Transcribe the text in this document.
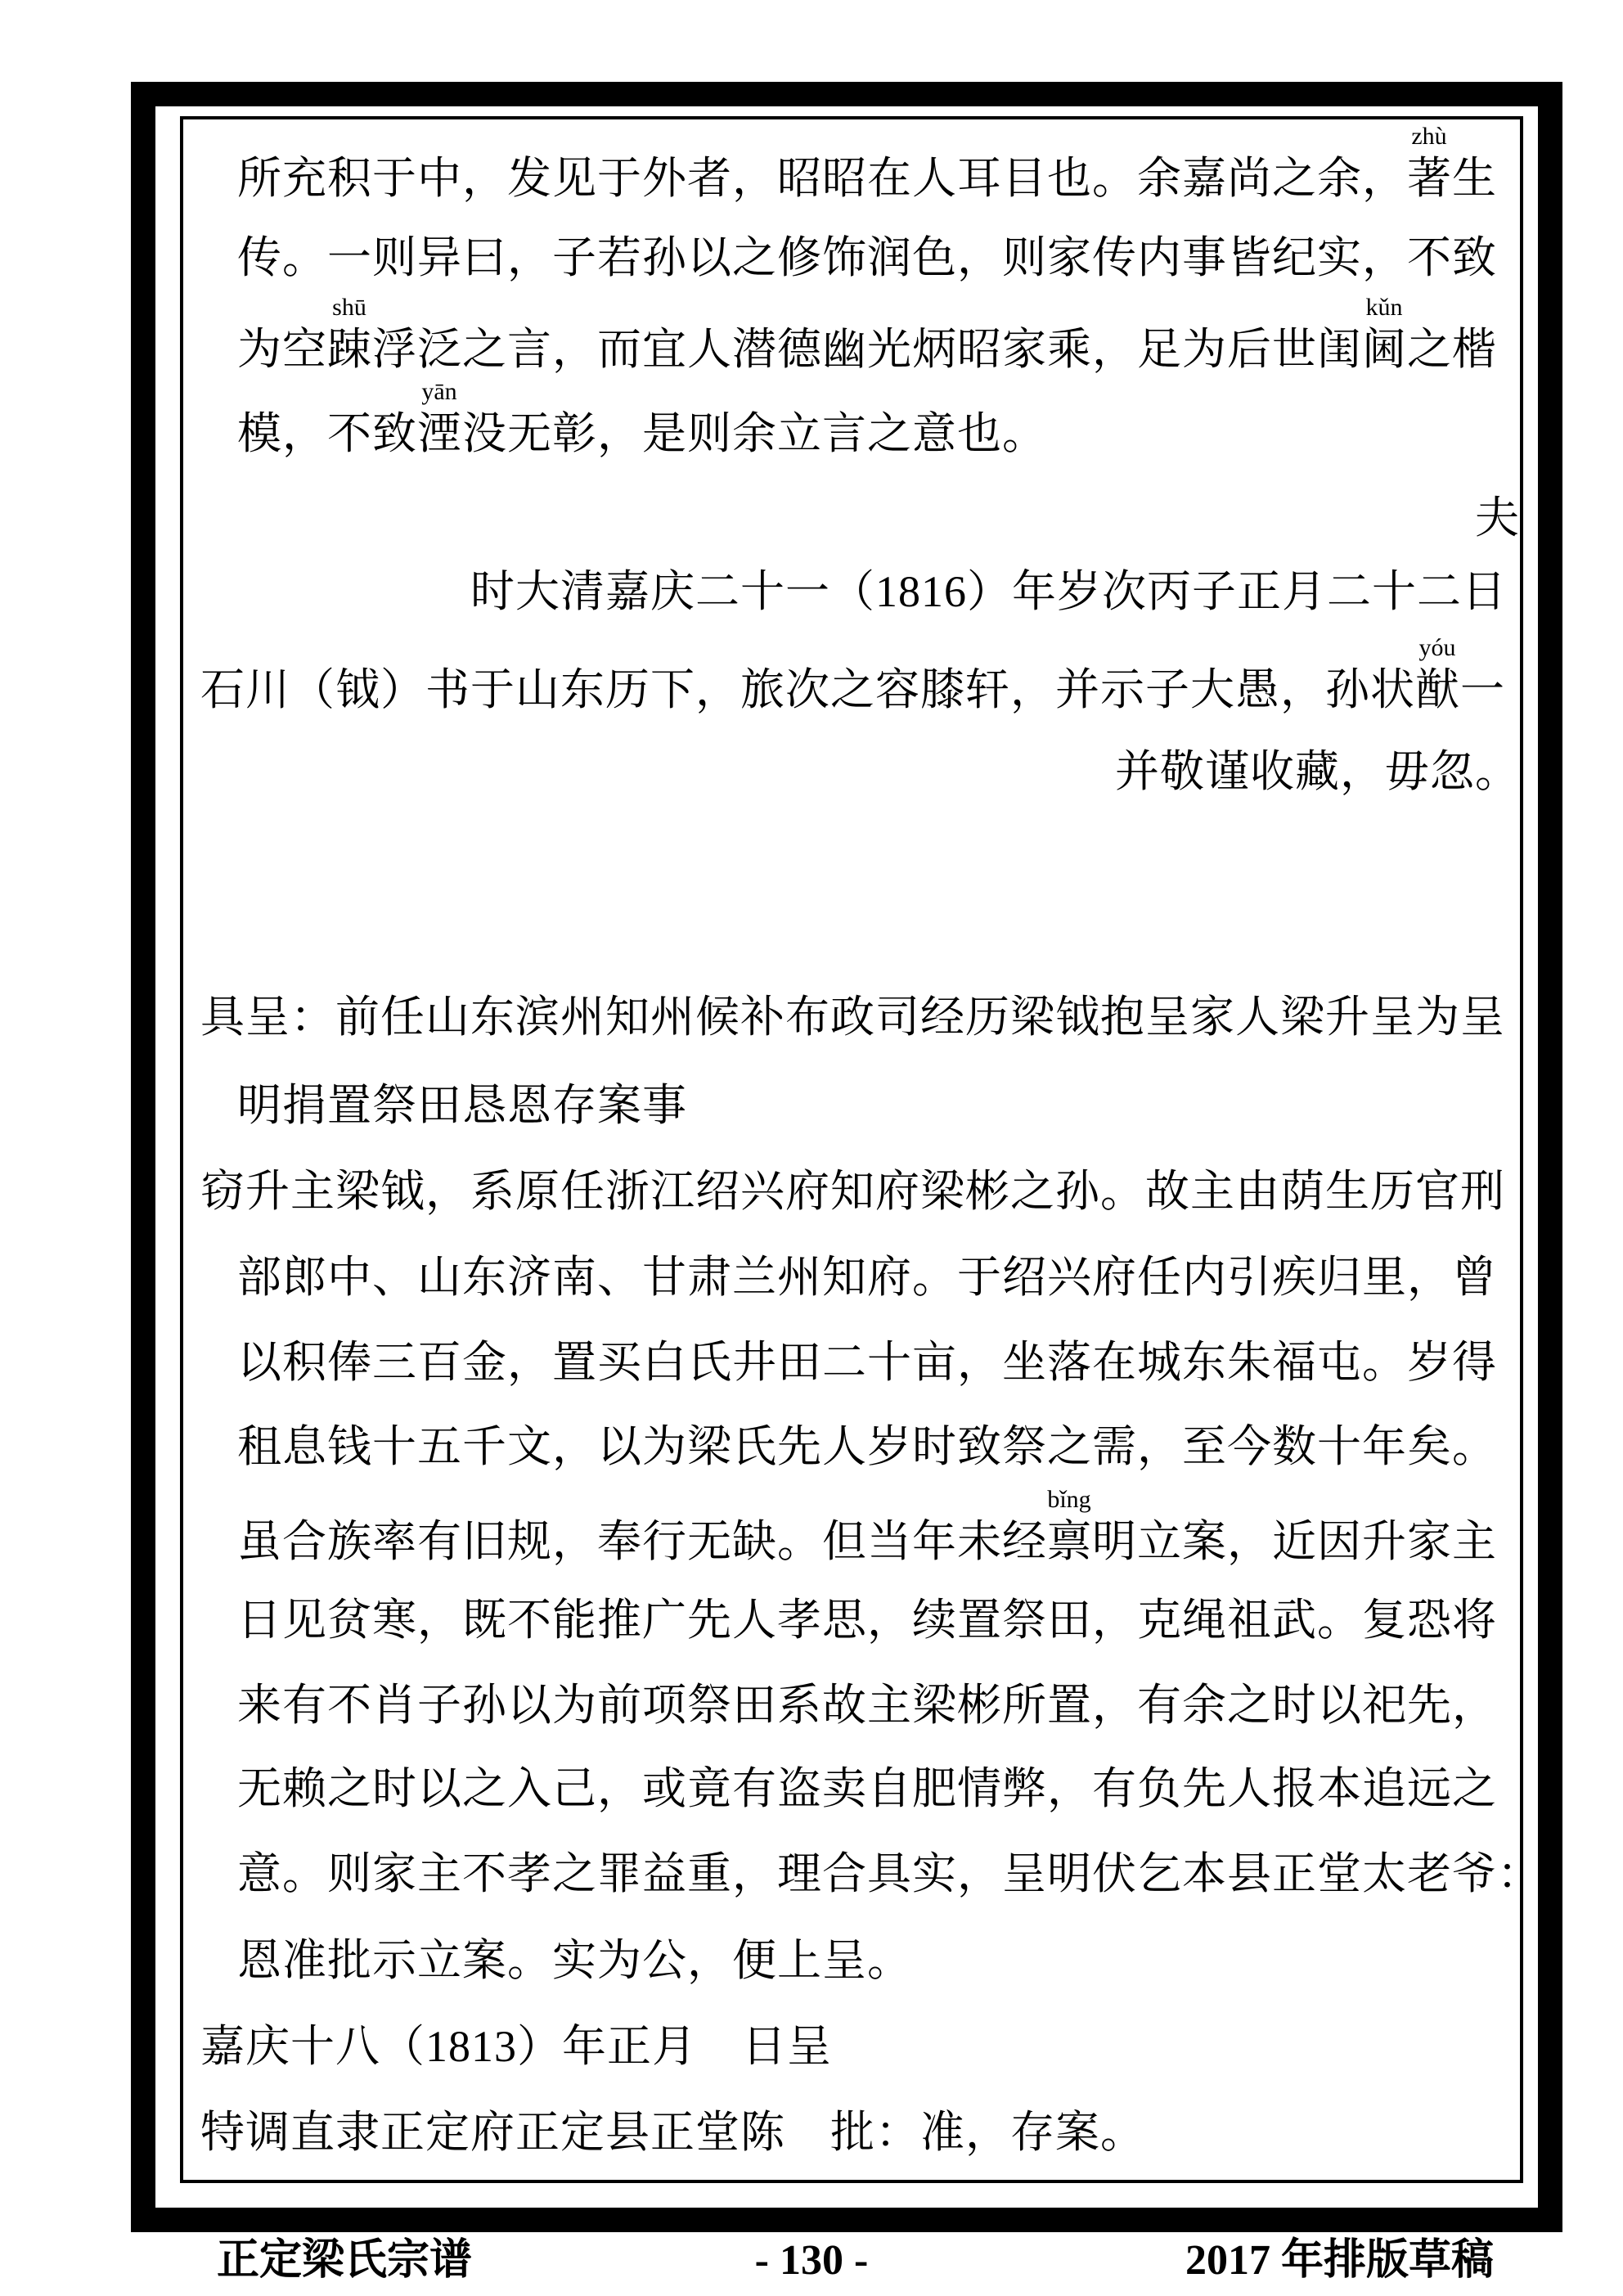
zhù
shū	kǔn
yān
yóu
bǐng
所充积于中，发见于外者，昭昭在人耳目也。余嘉尚之余，著生
传。一则异曰，子若孙以之修饰润色，则家传内事皆纪实，不致
为空踈浮泛之言，而宜人潜德幽光炳昭家乘，足为后世闺阃之楷
模，不致湮没无彰，是则余立言之意也。
夫
时大清嘉庆二十一（1816）年岁次丙子正月二十二日
石川（钺）书于山东历下，旅次之容膝轩，并示子大愚，孙状猷一
并敬谨收藏，毋忽。
具呈：前任山东滨州知州候补布政司经历梁钺抱呈家人梁升呈为呈
明捐置祭田恳恩存案事
窃升主梁钺，系原任浙江绍兴府知府梁彬之孙。故主由荫生历官刑
部郎中、山东济南、甘肃兰州知府。于绍兴府任内引疾归里，曾
以积俸三百金，置买白氏井田二十亩，坐落在城东朱福屯。岁得
租息钱十五千文，以为梁氏先人岁时致祭之需，至今数十年矣。
虽合族率有旧规，奉行无缺。但当年未经禀明立案，近因升家主
日见贫寒，既不能推广先人孝思，续置祭田，克绳祖武。复恐将
来有不肖子孙以为前项祭田系故主梁彬所置，有余之时以祀先，
无赖之时以之入己，或竟有盗卖自肥情弊，有负先人报本追远之
意。则家主不孝之罪益重，理合具实，呈明伏乞本县正堂太老爷：
恩准批示立案。实为公，便上呈。
嘉庆十八（1813）年正月　日呈
特调直隶正定府正定县正堂陈　批：准，存案。
正定梁氏宗谱	- 130 -	2017 年排版草稿
